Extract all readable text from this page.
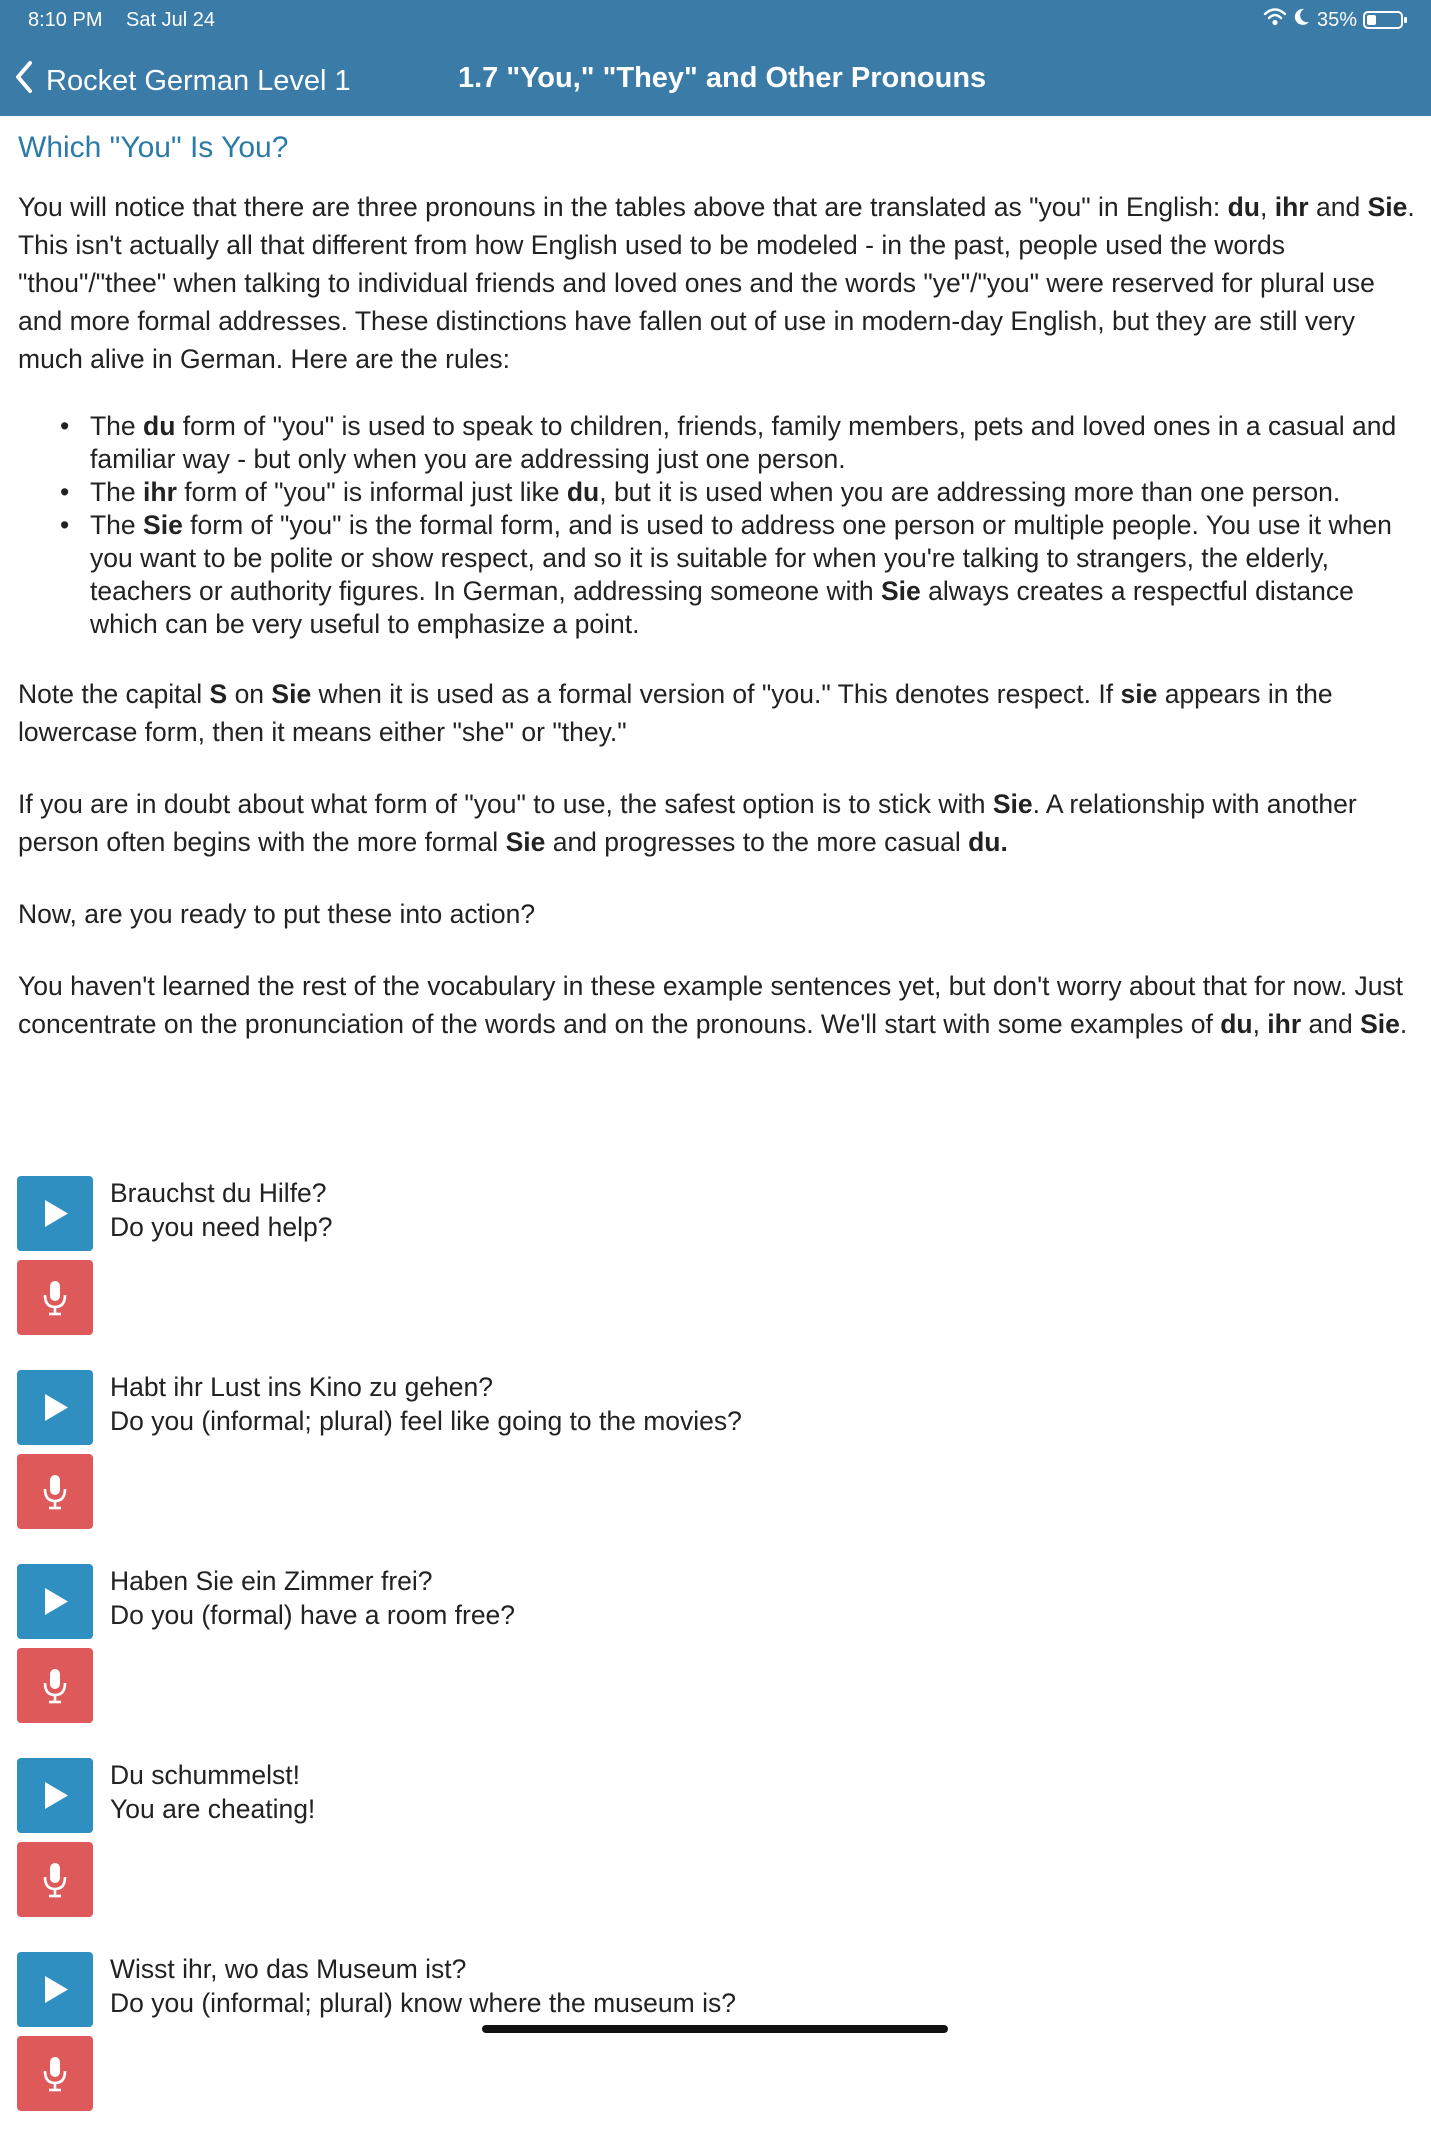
8:10 PM Sat Jul 24	35%
Rocket German Level 1	1.7 "You," "They" and Other Pronouns
Which "You" Is You?

You will notice that there are three pronouns in the tables above that are translated as "you" in English: du, ihr and Sie. This isn't actually all that different from how English used to be modeled - in the past, people used the words "thou"/"thee" when talking to individual friends and loved ones and the words "ye"/"you" were reserved for plural use and more formal addresses. These distinctions have fallen out of use in modern-day English, but they are still very much alive in German. Here are the rules:

• The du form of "you" is used to speak to children, friends, family members, pets and loved ones in a casual and familiar way - but only when you are addressing just one person.
• The ihr form of "you" is informal just like du, but it is used when you are addressing more than one person.
• The Sie form of "you" is the formal form, and is used to address one person or multiple people. You use it when you want to be polite or show respect, and so it is suitable for when you're talking to strangers, the elderly, teachers or authority figures. In German, addressing someone with Sie always creates a respectful distance which can be very useful to emphasize a point.

Note the capital S on Sie when it is used as a formal version of "you." This denotes respect. If sie appears in the lowercase form, then it means either "she" or "they."

If you are in doubt about what form of "you" to use, the safest option is to stick with Sie. A relationship with another person often begins with the more formal Sie and progresses to the more casual du.

Now, are you ready to put these into action?

You haven't learned the rest of the vocabulary in these example sentences yet, but don't worry about that for now. Just concentrate on the pronunciation of the words and on the pronouns. We'll start with some examples of du, ihr and Sie.

Brauchst du Hilfe?
Do you need help?
Habt ihr Lust ins Kino zu gehen?
Do you (informal; plural) feel like going to the movies?
Haben Sie ein Zimmer frei?
Do you (formal) have a room free?
Du schummelst!
You are cheating!
Wisst ihr, wo das Museum ist?
Do you (informal; plural) know where the museum is?
